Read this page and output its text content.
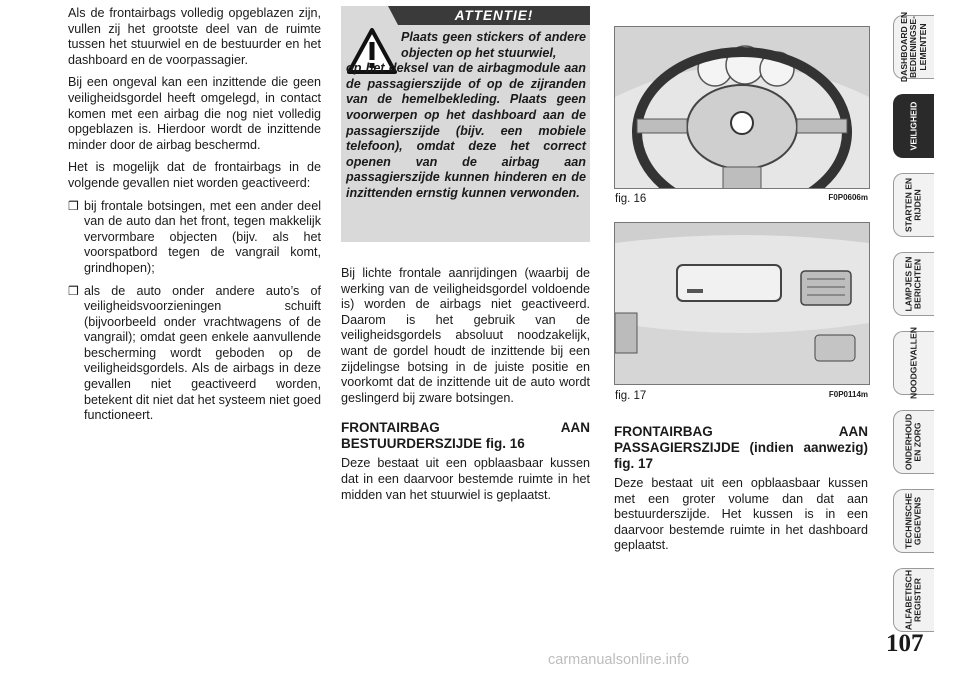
Als de frontairbags volledig opgeblazen zijn, vullen zij het grootste deel van de ruimte tussen het stuurwiel en de bestuurder en het dashboard en de voorpassagier.

Bij een ongeval kan een inzittende die geen veiligheidsgordel heeft omgelegd, in contact komen met een airbag die nog niet volledig opgeblazen is. Hierdoor wordt de inzittende minder door de airbag beschermd.

Het is mogelijk dat de frontairbags in de volgende gevallen niet worden geactiveerd:

❒ bij frontale botsingen, met een ander deel van de auto dan het front, tegen makkelijk vervormbare objecten (bijv. als het voorspatbord tegen de vangrail komt, grindhopen);
❒ als de auto onder andere auto’s of veiligheidsvoorzieningen schuift (bijvoorbeeld onder vrachtwagens of de vangrail); omdat geen enkele aanvullende bescherming wordt geboden op de veiligheidsgordels. Als de airbags in deze gevallen niet geactiveerd worden, betekent dit niet dat het systeem niet goed functioneert.
ATTENTIE!
Plaats geen stickers of andere objecten op het stuurwiel,
op het deksel van de airbagmodule aan de passagierszijde of op de zijranden van de hemelbekleding. Plaats geen voorwerpen op het dashboard aan de passagierszijde (bijv. een mobiele telefoon), omdat deze het correct openen van de airbag aan passagierszijde kunnen hinderen en de inzittenden ernstig kunnen verwonden.

Bij lichte frontale aanrijdingen (waarbij de werking van de veiligheidsgordel voldoende is) worden de airbags niet geactiveerd. Daarom is het gebruik van de veiligheidsgordels absoluut noodzakelijk, want de gordel houdt de inzittende bij een zijdelingse botsing in de juiste positie en voorkomt dat de inzittende uit de auto wordt geslingerd bij zware botsingen.

FRONTAIRBAG AAN BESTUURDERSZIJDE fig. 16

Deze bestaat uit een opblaasbaar kussen dat in een daarvoor bestemde ruimte in het midden van het stuurwiel is geplaatst.

fig. 16	F0P0606m
fig. 17	F0P0114m
FRONTAIRBAG AAN PASSAGIERSZIJDE (indien aanwezig) fig. 17

Deze bestaat uit een opblaasbaar kussen met een groter volume dan dat aan bestuurderszijde. Het kussen is in een daarvoor bestemde ruimte in het dashboard geplaatst.

DASHBOARD EN
BEDIENINGSE-
LEMENTEN
VEILIGHEID
STARTEN EN
RIJDEN
LAMPJES EN
BERICHTEN
NOODGEVALLEN
ONDERHOUD
EN ZORG
TECHNISCHE
GEGEVENS
ALFABETISCH
REGISTER
107
carmanualsonline.info
